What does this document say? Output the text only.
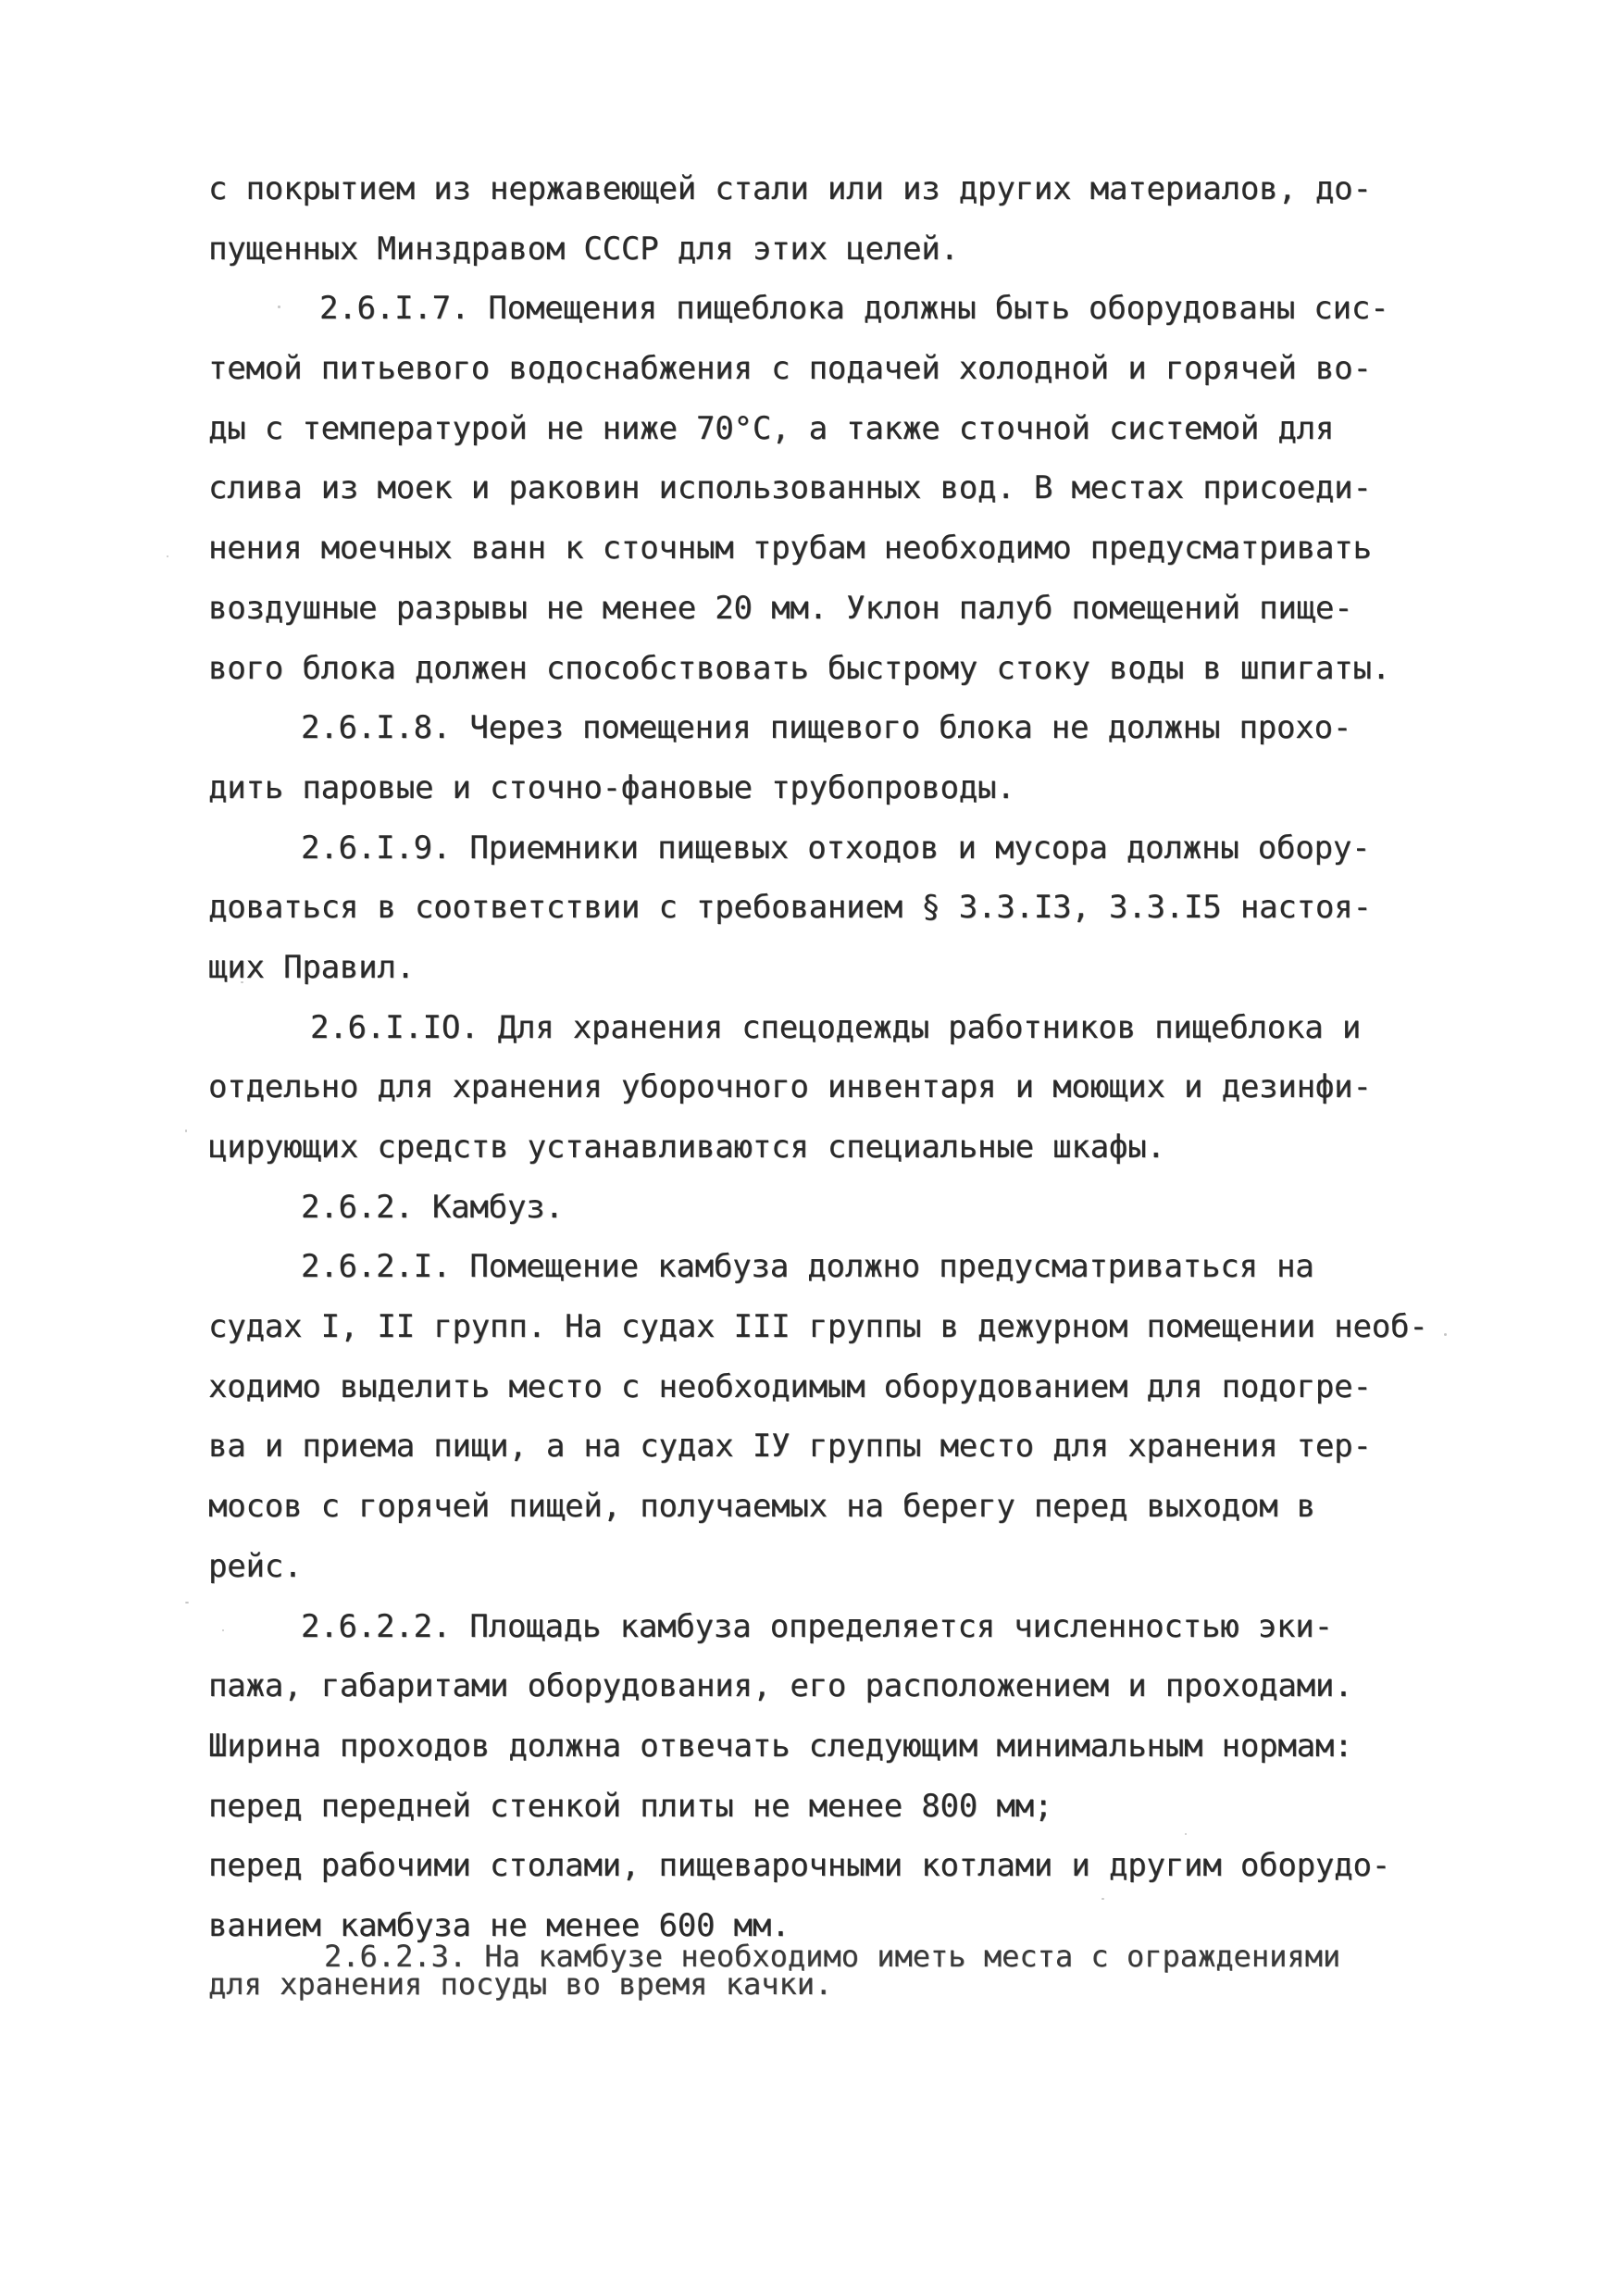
с покрытием из нержавеющей стали или из других материалов, до-
пущенных Минздравом СССР для этих целей.
2.6.I.7. Помещения пищеблока должны быть оборудованы сис-
темой питьевого водоснабжения с подачей холодной и горячей во-
ды с температурой не ниже 70°С, а также сточной системой для
слива из моек и раковин использованных вод. В местах присоеди-
нения моечных ванн к сточным трубам необходимо предусматривать
воздушные разрывы не менее 20 мм. Уклон палуб помещений пище-
вого блока должен способствовать быстрому стоку воды в шпигаты.
2.6.I.8. Через помещения пищевого блока не должны прохо-
дить паровые и сточно-фановые трубопроводы.
2.6.I.9. Приемники пищевых отходов и мусора должны обору-
доваться в соответствии с требованием § 3.3.I3, 3.3.I5 настоя-
щих Правил.
2.6.I.IO. Для хранения спецодежды работников пищеблока и
отдельно для хранения уборочного инвентаря и моющих и дезинфи-
цирующих средств устанавливаются специальные шкафы.
2.6.2. Камбуз.
2.6.2.I. Помещение камбуза должно предусматриваться на
судах I, II групп. На судах III группы в дежурном помещении необ-
ходимо выделить место с необходимым оборудованием для подогре-
ва и приема пищи, а на судах IУ группы место для хранения тер-
мосов с горячей пищей, получаемых на берегу перед выходом в
рейс.
2.6.2.2. Площадь камбуза определяется численностью эки-
пажа, габаритами оборудования, его расположением и проходами.
Ширина проходов должна отвечать следующим минимальным нормам:
перед передней стенкой плиты не менее 800 мм;
перед рабочими столами, пищеварочными котлами и другим оборудо-
ванием камбуза не менее 600 мм.
2.6.2.3. На камбузе необходимо иметь места с ограждениями
для хранения посуды во время качки.
